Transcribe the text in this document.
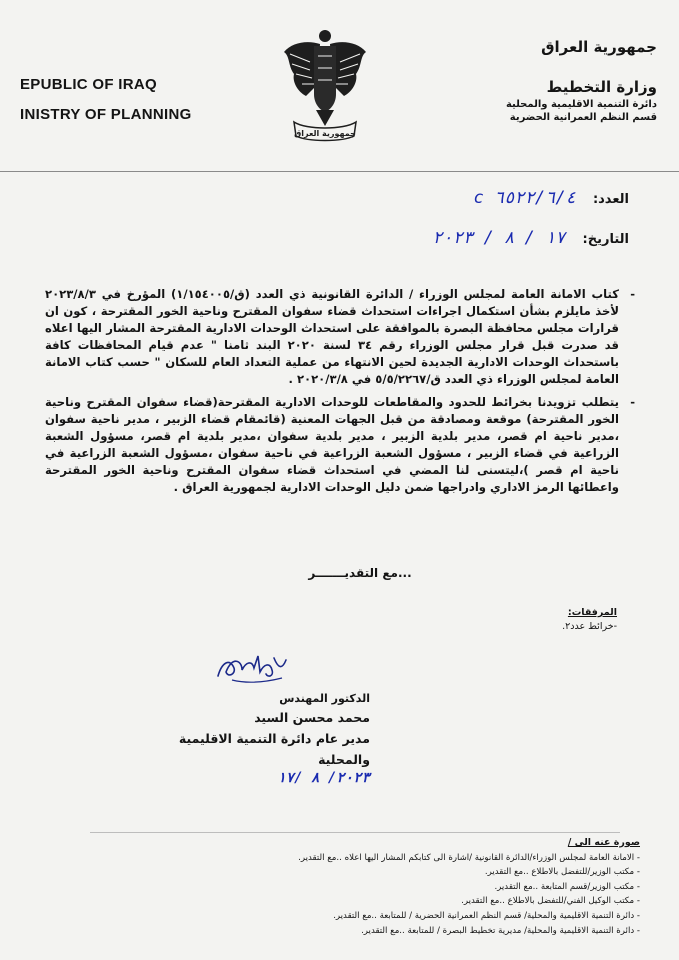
EPUBLIC OF IRAQ
INISTRY OF PLANNING
جمهورية العراق
جمهورية العراق
وزارة التخطيط
دائرة التنمية الاقليمية والمحلية
قسم النظم العمرانية الحضرية
العدد: ٦٥٢٢/٦/٤ c
التاريخ: ١٧ / ٨ / ٢٠٢٣

- كتاب الامانة العامة لمجلس الوزراء / الدائرة القانونية ذي العدد (ق/١/١٥٤٠٠٥) المؤرخ في ٢٠٢٣/٨/٣ لأخذ مايلزم بشأن استكمال اجراءات استحداث قضاء سفوان المقترح وناحية الخور المقترحة ، كون ان قرارات مجلس محافظة البصرة بالموافقة على استحداث الوحدات الادارية المقترحة المشار اليها اعلاه قد صدرت قبل قرار مجلس الوزراء رقم ٣٤ لسنة ٢٠٢٠ البند ثامنا " عدم قيام المحافظات كافة باستحداث الوحدات الادارية الجديدة لحين الانتهاء من عملية التعداد العام للسكان " حسب كتاب الامانة العامة لمجلس الوزراء ذي العدد ق/٥/٥/٢٢٦٧ في ٢٠٢٠/٣/٨ .

- يتطلب تزويدنا بخرائط للحدود والمقاطعات للوحدات الادارية المقترحة(قضاء سفوان المقترح وناحية الخور المقترحة) موقعة ومصادقة من قبل الجهات المعنية (قائمقام قضاء الزبير ، مدير ناحية سفوان ،مدير ناحية ام قصر، مدير بلدية الزبير ، مدير بلدية سفوان ،مدير بلدية ام قصر، مسؤول الشعبة الزراعية في قضاء الزبير ، مسؤول الشعبة الزراعية في ناحية سفوان ،مسؤول الشعبة الزراعية في ناحية ام قصر )،ليتسنى لنا المضي في استحداث قضاء سفوان المقترح وناحية الخور المقترحة واعطائها الرمز الاداري وادراجها ضمن دليل الوحدات الادارية لجمهورية العراق .

...مع التقديـــــــر
المرفقات:
-خرائط عدد٢.
الدكتور المهندس
محمد محسن السيد
مدير عام دائرة التنمية الاقليمية والمحلية
٢٠٢٣/ ٨ /١٧
صورة عنه الى /
- الامانة العامة لمجلس الوزراء/الدائرة القانونية /اشارة الى كتابكم المشار اليها اعلاه ..مع التقدير.
- مكتب الوزير/للتفضل بالاطلاع ..مع التقدير.
- مكتب الوزير/قسم المتابعة ..مع التقدير.
- مكتب الوكيل الفني/للتفضل بالاطلاع ..مع التقدير.
- دائرة التنمية الاقليمية والمحلية/ قسم النظم العمرانية الحضرية / للمتابعة ..مع التقدير.
- دائرة التنمية الاقليمية والمحلية/ مديرية تخطيط البصرة / للمتابعة ..مع التقدير.
